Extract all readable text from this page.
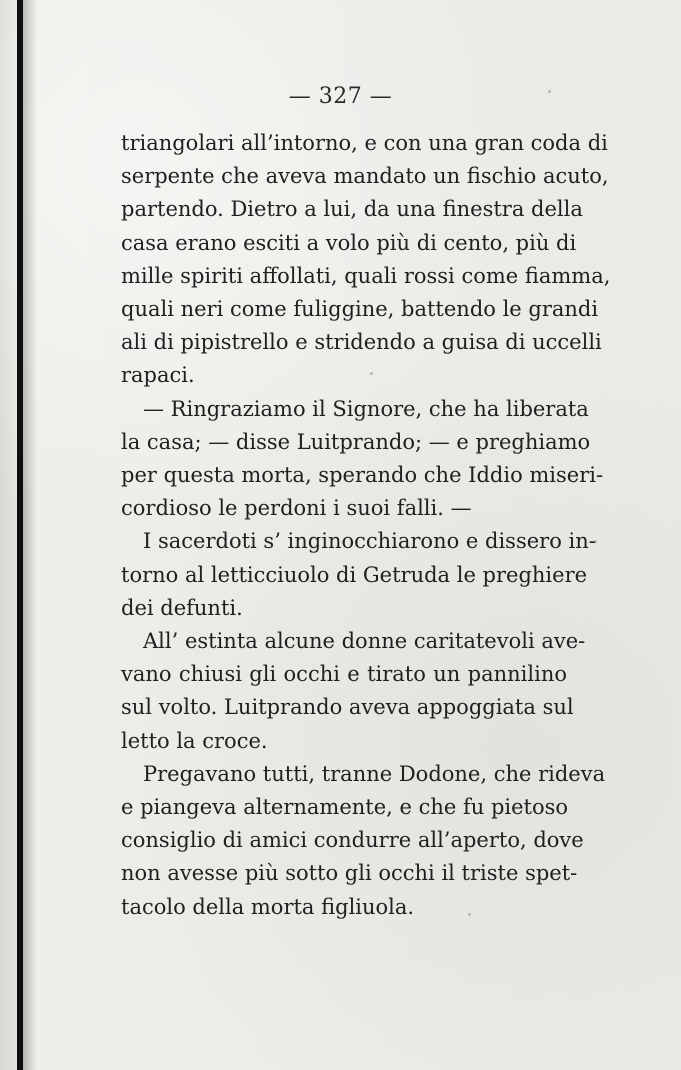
— 327 —
triangolari all’intorno, e con una gran coda di
serpente che aveva mandato un fischio acuto,
partendo. Dietro a lui, da una finestra della
casa erano esciti a volo più di cento, più di
mille spiriti affollati, quali rossi come fiamma,
quali neri come fuliggine, battendo le grandi
ali di pipistrello e stridendo a guisa di uccelli
rapaci.
— Ringraziamo il Signore, che ha liberata
la casa; — disse Luitprando; — e preghiamo
per questa morta, sperando che Iddio miseri-
cordioso le perdoni i suoi falli. —
I sacerdoti s’ inginocchiarono e dissero in-
torno al letticciuolo di Getruda le preghiere
dei defunti.
All’ estinta alcune donne caritatevoli ave-
vano chiusi gli occhi e tirato un pannilino
sul volto. Luitprando aveva appoggiata sul
letto la croce.
Pregavano tutti, tranne Dodone, che rideva
e piangeva alternamente, e che fu pietoso
consiglio di amici condurre all’aperto, dove
non avesse più sotto gli occhi il triste spet-
tacolo della morta figliuola.
